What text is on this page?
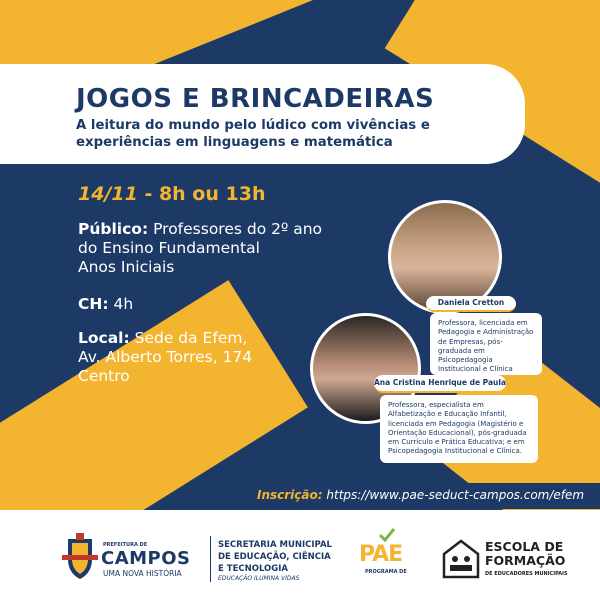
JOGOS E BRINCADEIRAS

A leitura do mundo pelo lúdico com vivências e experiências em linguagens e matemática

14/11 - 8h ou 13h
Público: Professores do 2º ano
do Ensino Fundamental
Anos Iniciais
CH: 4h
Local: Sede da Efem,
Av. Alberto Torres, 174
Centro
Daniela Cretton
Professora, licenciada em Pedagogia e Administração de Empresas, pós-graduada em Psicopedagogia Institucional e Clínica
Ana Cristina Henrique de Paula
Professora, especialista em Alfabetização e Educação Infantil, licenciada em Pedagogia (Magistério e Orientação Educacional), pós-graduada em Currículo e Prática Educativa; e em Psicopedagogia Institucional e Clínica.
Inscrição: https://www.pae-seduct-campos.com/efem
PREFEITURA DE
CAMPOS
UMA NOVA HISTÓRIA
SECRETARIA MUNICIPAL
DE EDUCAÇÃO, CIÊNCIA
E TECNOLOGIA
EDUCAÇÃO ILUMINA VIDAS
PAE
PROGRAMA DE
ESCOLA DE
FORMAÇÃO
DE EDUCADORES MUNICIPAIS
